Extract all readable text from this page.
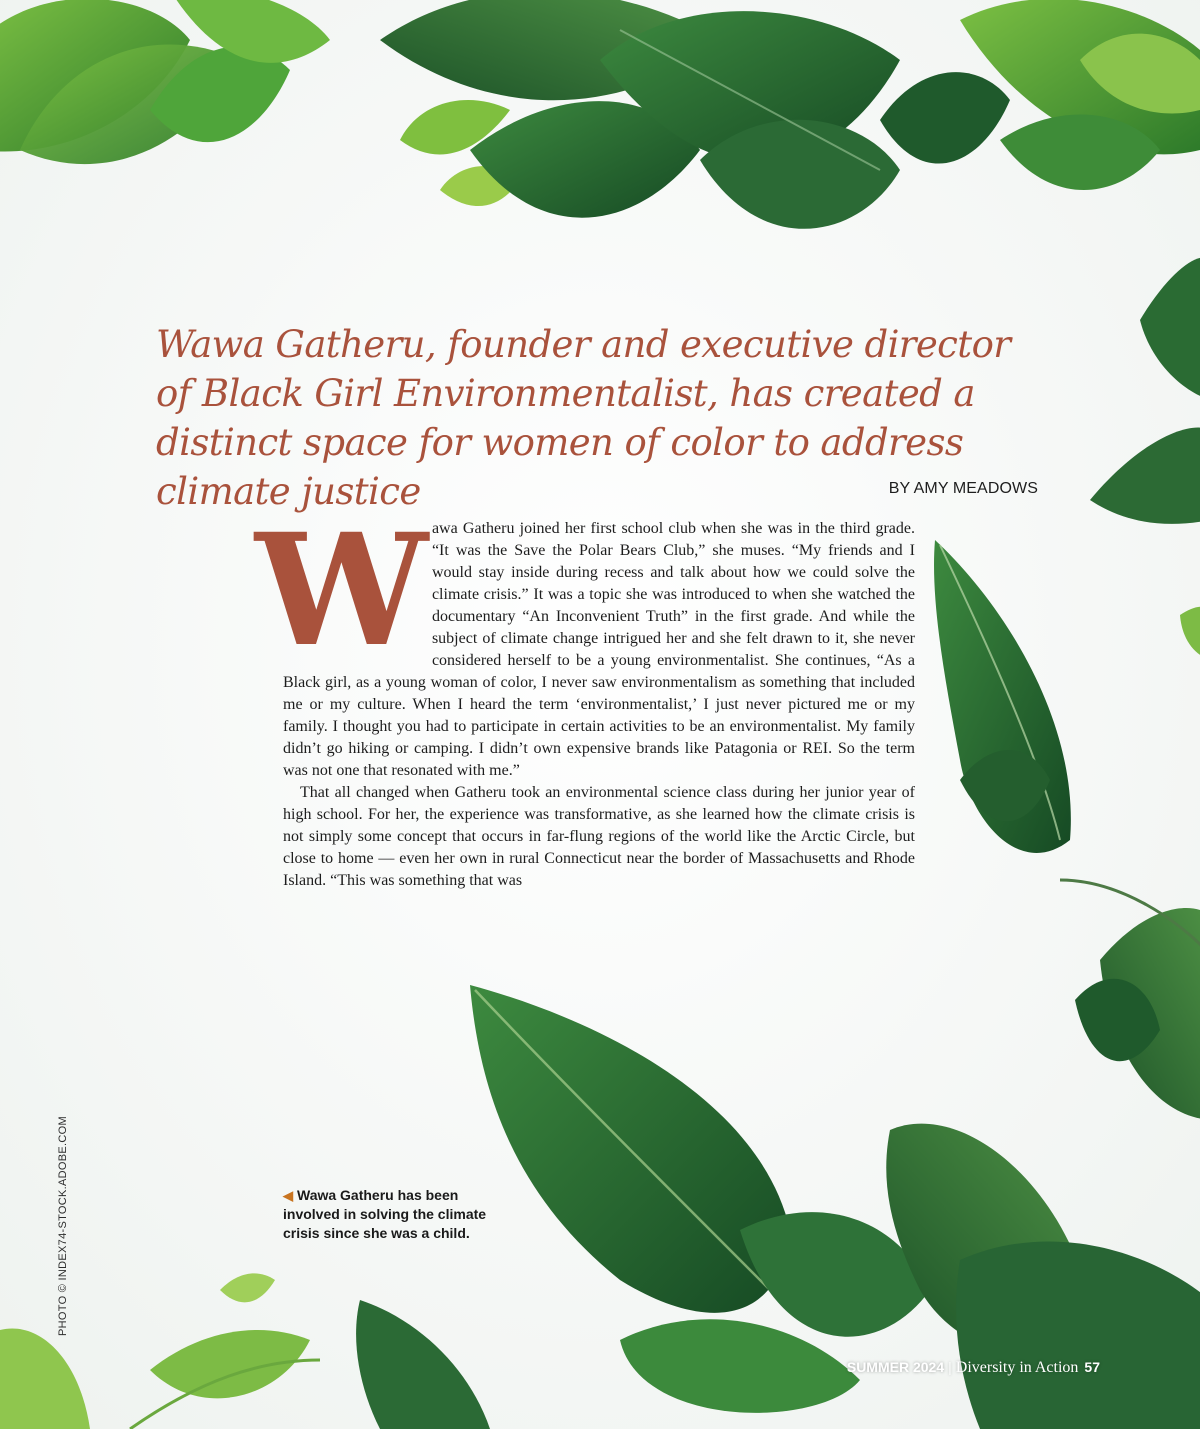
Wawa Gatheru, founder and executive director of Black Girl Environmentalist, has created a distinct space for women of color to address climate justice	BY AMY MEADOWS

Wawa Gatheru joined her first school club when she was in the third grade. “It was the Save the Polar Bears Club,” she muses. “My friends and I would stay inside during recess and talk about how we could solve the climate crisis.” It was a topic she was introduced to when she watched the documentary “An Inconvenient Truth” in the first grade. And while the subject of climate change intrigued her and she felt drawn to it, she never considered herself to be a young environmentalist. She continues, “As a Black girl, as a young woman of color, I never saw environmentalism as something that included me or my culture. When I heard the term ‘environmentalist,’ I just never pictured me or my family. I thought you had to participate in certain activities to be an environmentalist. My family didn’t go hiking or camping. I didn’t own expensive brands like Patagonia or REI. So the term was not one that resonated with me.”

That all changed when Gatheru took an environmental science class during her junior year of high school. For her, the experience was transformative, as she learned how the climate crisis is not simply some concept that occurs in far-flung regions of the world like the Arctic Circle, but close to home — even her own in rural Connecticut near the border of Massachusetts and Rhode Island. “This was something that was

◀ Wawa Gatheru has been involved in solving the climate crisis since she was a child.
PHOTO © INDEX74-STOCK.ADOBE.COM
SUMMER 2024 | Diversity in Action 57
